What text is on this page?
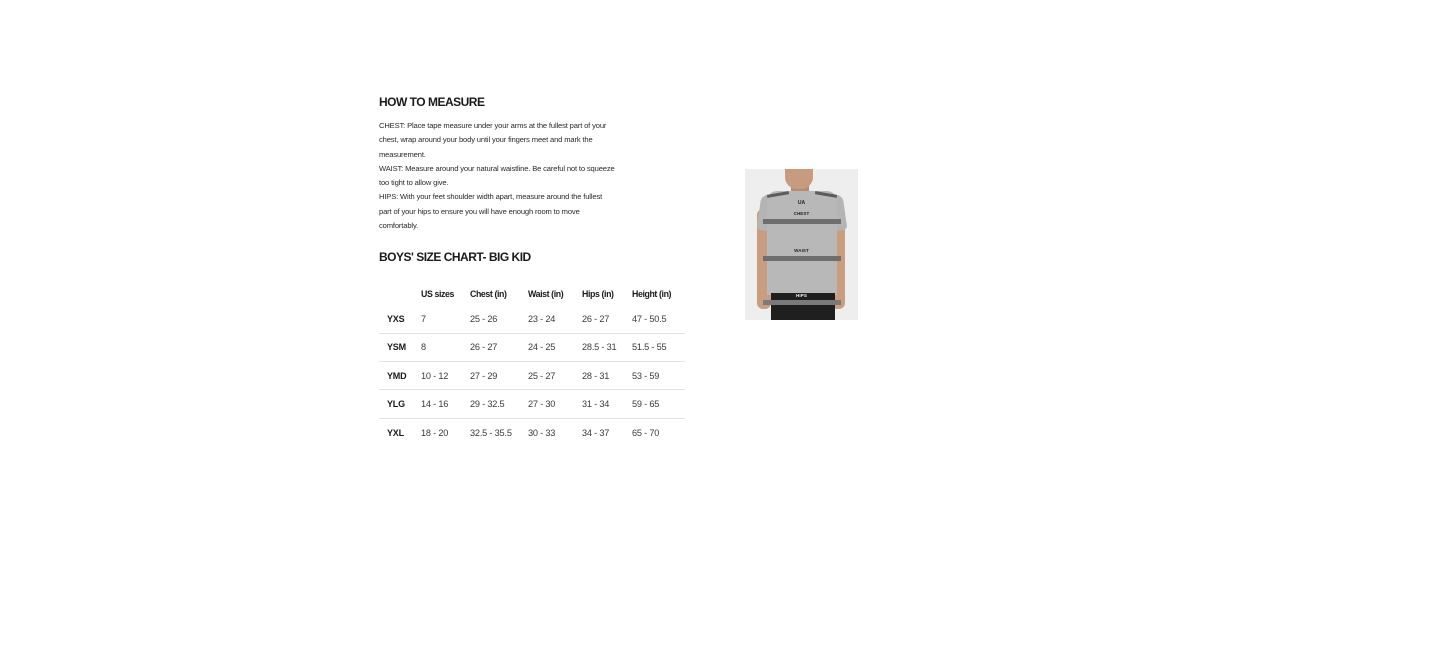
HOW TO MEASURE

CHEST: Place tape measure under your arms at the fullest part of your

chest, wrap around your body until your fingers meet and mark the

measurement.

WAIST: Measure around your natural waistline. Be careful not to squeeze

too tight to allow give.

HIPS: With your feet shoulder width apart, measure around the fullest

part of your hips to ensure you will have enough room to move

comfortably.

BOYS' SIZE CHART- BIG KID
	US sizes	Chest (in)	Waist (in)	Hips (in)	Height (in)
YXS	7	25 - 26	23 - 24	26 - 27	47 - 50.5
YSM	8	26 - 27	24 - 25	28.5 - 31	51.5 - 55
YMD	10 - 12	27 - 29	25 - 27	28 - 31	53 - 59
YLG	14 - 16	29 - 32.5	27 - 30	31 - 34	59 - 65
YXL	18 - 20	32.5 - 35.5	30 - 33	34 - 37	65 - 70
UA
CHEST
WAIST
HIPS
